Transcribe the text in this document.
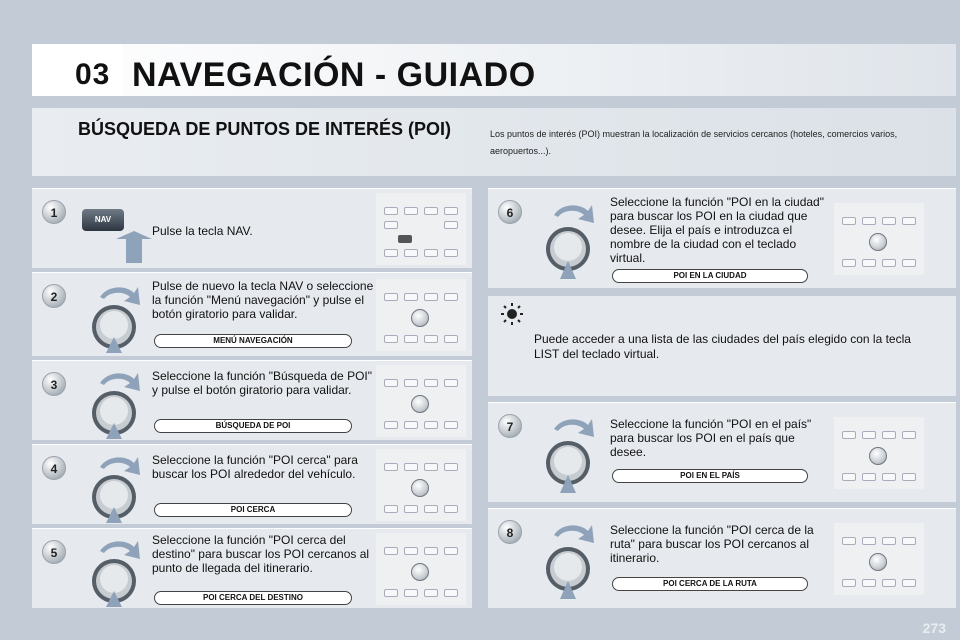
03 NAVEGACIÓN - GUIADO
BÚSQUEDA DE PUNTOS DE INTERÉS (POI)	Los puntos de interés (POI) muestran la localización de servicios cercanos (hoteles, comercios varios, aeropuertos...).
1	NAV
Pulse la tecla NAV.
2
Pulse de nuevo la tecla NAV o seleccione la función "Menú navegación" y pulse el botón giratorio para validar.
MENÚ NAVEGACIÓN
3
Seleccione la función "Búsqueda de POI" y pulse el botón giratorio para validar.
BÚSQUEDA DE POI
4
Seleccione la función "POI cerca" para buscar los POI alrededor del vehículo.
POI CERCA
5
Seleccione la función "POI cerca del destino" para buscar los POI cercanos al punto de llegada del itinerario.
POI CERCA DEL DESTINO
6
Seleccione la función "POI en la ciudad" para buscar los POI en la ciudad que desee. Elija el país e introduzca el nombre de la ciudad con el teclado virtual.
POI EN LA CIUDAD
Puede acceder a una lista de las ciudades del país elegido con la tecla LIST del teclado virtual.
7	Seleccione la función "POI en el país" para buscar los POI en el país que desee.
POI EN EL PAÍS
8	Seleccione la función "POI cerca de la ruta" para buscar los POI cercanos al itinerario.
POI CERCA DE LA RUTA
273
